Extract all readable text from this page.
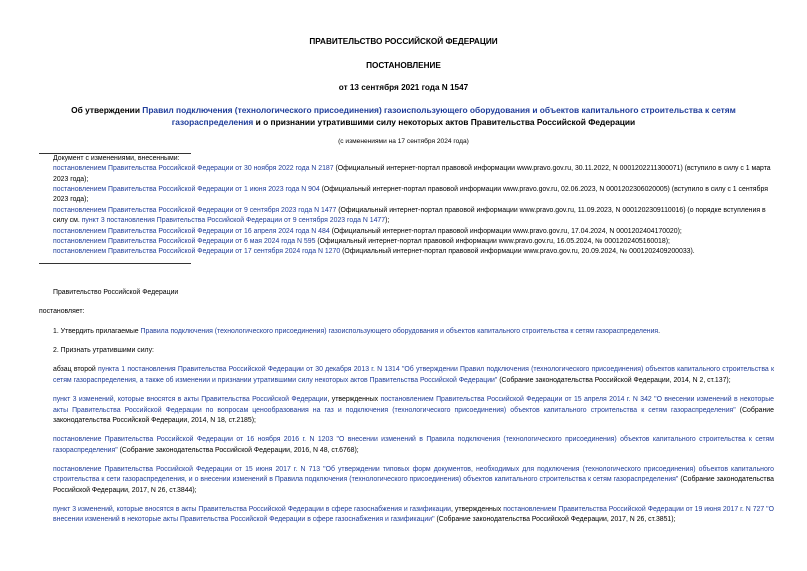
ПРАВИТЕЛЬСТВО РОССИЙСКОЙ ФЕДЕРАЦИИ
ПОСТАНОВЛЕНИЕ
от 13 сентября 2021 года N 1547
Об утверждении Правил подключения (технологического присоединения) газоиспользующего оборудования и объектов капитального строительства к сетям газораспределения и о признании утратившими силу некоторых актов Правительства Российской Федерации
(с изменениями на 17 сентября 2024 года)

Документ с изменениями, внесенными:

постановлением Правительства Российской Федерации от 30 ноября 2022 года N 2187 (Официальный интернет-портал правовой информации www.pravo.gov.ru, 30.11.2022, N 0001202211300071) (вступило в силу с 1 марта 2023 года);

постановлением Правительства Российской Федерации от 1 июня 2023 года N 904 (Официальный интернет-портал правовой информации www.pravo.gov.ru, 02.06.2023, N 0001202306020005) (вступило в силу с 1 сентября 2023 года);

постановлением Правительства Российской Федерации от 9 сентября 2023 года N 1477 (Официальный интернет-портал правовой информации www.pravo.gov.ru, 11.09.2023, N 0001202309110016) (о порядке вступления в силу см. пункт 3 постановления Правительства Российской Федерации от 9 сентября 2023 года N 1477);

постановлением Правительства Российской Федерации от 16 апреля 2024 года N 484 (Официальный интернет-портал правовой информации www.pravo.gov.ru, 17.04.2024, N 0001202404170020);

постановлением Правительства Российской Федерации от 6 мая 2024 года N 595 (Официальный интернет-портал правовой информации www.pravo.gov.ru, 16.05.2024, № 0001202405160018);

постановлением Правительства Российской Федерации от 17 сентября 2024 года N 1270 (Официальный интернет-портал правовой информации www.pravo.gov.ru, 20.09.2024, № 0001202409200033).

Правительство Российской Федерации

постановляет:

1. Утвердить прилагаемые Правила подключения (технологического присоединения) газоиспользующего оборудования и объектов капитального строительства к сетям газораспределения.

2. Признать утратившими силу:

абзац второй пункта 1 постановления Правительства Российской Федерации от 30 декабря 2013 г. N 1314 "Об утверждении Правил подключения (технологического присоединения) объектов капитального строительства к сетям газораспределения, а также об изменении и признании утратившими силу некоторых актов Правительства Российской Федерации" (Собрание законодательства Российской Федерации, 2014, N 2, ст.137);

пункт 3 изменений, которые вносятся в акты Правительства Российской Федерации, утвержденных постановлением Правительства Российской Федерации от 15 апреля 2014 г. N 342 "О внесении изменений в некоторые акты Правительства Российской Федерации по вопросам ценообразования на газ и подключения (технологического присоединения) объектов капитального строительства к сетям газораспределения" (Собрание законодательства Российской Федерации, 2014, N 18, ст.2185);

постановление Правительства Российской Федерации от 16 ноября 2016 г. N 1203 "О внесении изменений в Правила подключения (технологического присоединения) объектов капитального строительства к сетям газораспределения" (Собрание законодательства Российской Федерации, 2016, N 48, ст.6768);

постановление Правительства Российской Федерации от 15 июня 2017 г. N 713 "Об утверждении типовых форм документов, необходимых для подключения (технологического присоединения) объектов капитального строительства к сети газораспределения, и о внесении изменений в Правила подключения (технологического присоединения) объектов капитального строительства к сетям газораспределения" (Собрание законодательства Российской Федерации, 2017, N 26, ст.3844);

пункт 3 изменений, которые вносятся в акты Правительства Российской Федерации в сфере газоснабжения и газификации, утвержденных постановлением Правительства Российской Федерации от 19 июня 2017 г. N 727 "О внесении изменений в некоторые акты Правительства Российской Федерации в сфере газоснабжения и газификации" (Собрание законодательства Российской Федерации, 2017, N 26, ст.3851);
